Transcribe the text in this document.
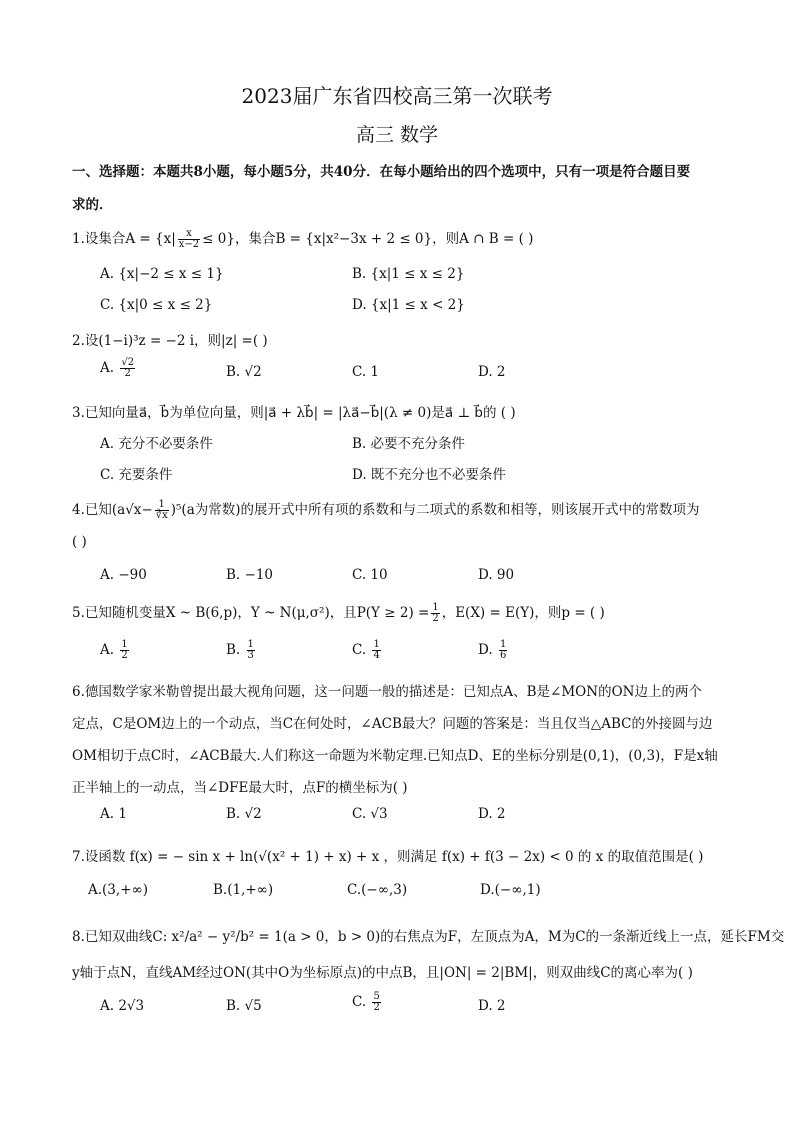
2023届广东省四校高三第一次联考
高三 数学
一、选择题：本题共8小题，每小题5分，共40分．在每小题给出的四个选项中，只有一项是符合题目要
求的．
1.设集合$A = \{x| \frac{x}{x-2} \le 0\}$，集合B = {x|x²−3x + 2 ≤ 0}，则A ∩ B = ( )
A. {x|−2 ≤ x ≤ 1}	B. {x|1 ≤ x ≤ 2}
C. {x|0 ≤ x ≤ 2}	D. {x|1 ≤ x < 2}
2.设(1−i)³z = −2 i，则|z| =( )
A. $\frac{√2}{2}$	B. √2	C. 1	D. 2
3.已知向量a⃗，b⃗为单位向量，则|a⃗ + λb⃗| = |λa⃗−b⃗|(λ ≠ 0)是a⃗ ⊥ b⃗的 ( )
A. 充分不必要条件	B. 必要不充分条件
C. 充要条件	D. 既不充分也不必要条件
4.已知$(a√x- \frac{1}{∛x} )^5(a$为常数)的展开式中所有项的系数和与二项式的系数和相等，则该展开式中的常数项为
( )
A. −90	B. −10	C. 10	D. 90
5.已知随机变量X ~ B(6,p)，Y ~ N(μ,σ²)，且$P(Y \ge 2) = \frac{1}{2}$ ，E(X) = E(Y)，则p = ( )
A. $\frac{1}{2}$	B. $\frac{1}{3}$	C. $\frac{1}{4}$	D. $\frac{1}{6}$
6.德国数学家米勒曾提出最大视角问题，这一问题一般的描述是：已知点A、B是∠MON的ON边上的两个
定点，C是OM边上的一个动点，当C在何处时，∠ACB最大？问题的答案是：当且仅当△ABC的外接圆与边
OM相切于点C时，∠ACB最大.人们称这一命题为米勒定理.已知点D、E的坐标分别是(0,1)，(0,3)，F是x轴
正半轴上的一动点，当∠DFE最大时，点F的横坐标为( )
A. 1	B. √2	C. √3	D. 2
7.设函数 f(x) = − sin x + ln(√(x² + 1) + x) + x ，则满足 f(x) + f(3 − 2x) < 0 的 x 的取值范围是( )
A.(3,+∞)	B.(1,+∞)	C.(−∞,3)	D.(−∞,1)
8.已知双曲线C: x²/a² − y²/b² = 1(a > 0，b > 0)的右焦点为F，左顶点为A，M为C的一条渐近线上一点，延长FM交
y轴于点N，直线AM经过ON(其中O为坐标原点)的中点B，且|ON| = 2|BM|，则双曲线C的离心率为( )
A. 2√3	B. √5	C. $\frac{5}{2}$	D. 2
